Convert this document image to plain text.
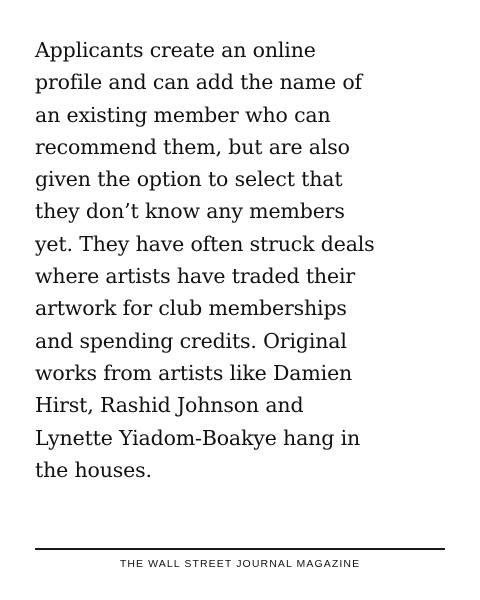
Applicants create an online
profile and can add the name of
an existing member who can
recommend them, but are also
given the option to select that
they don’t know any members
yet. They have often struck deals
where artists have traded their
artwork for club memberships
and spending credits. Original
works from artists like Damien
Hirst, Rashid Johnson and
Lynette Yiadom-Boakye hang in
the houses.

THE WALL STREET JOURNAL MAGAZINE
